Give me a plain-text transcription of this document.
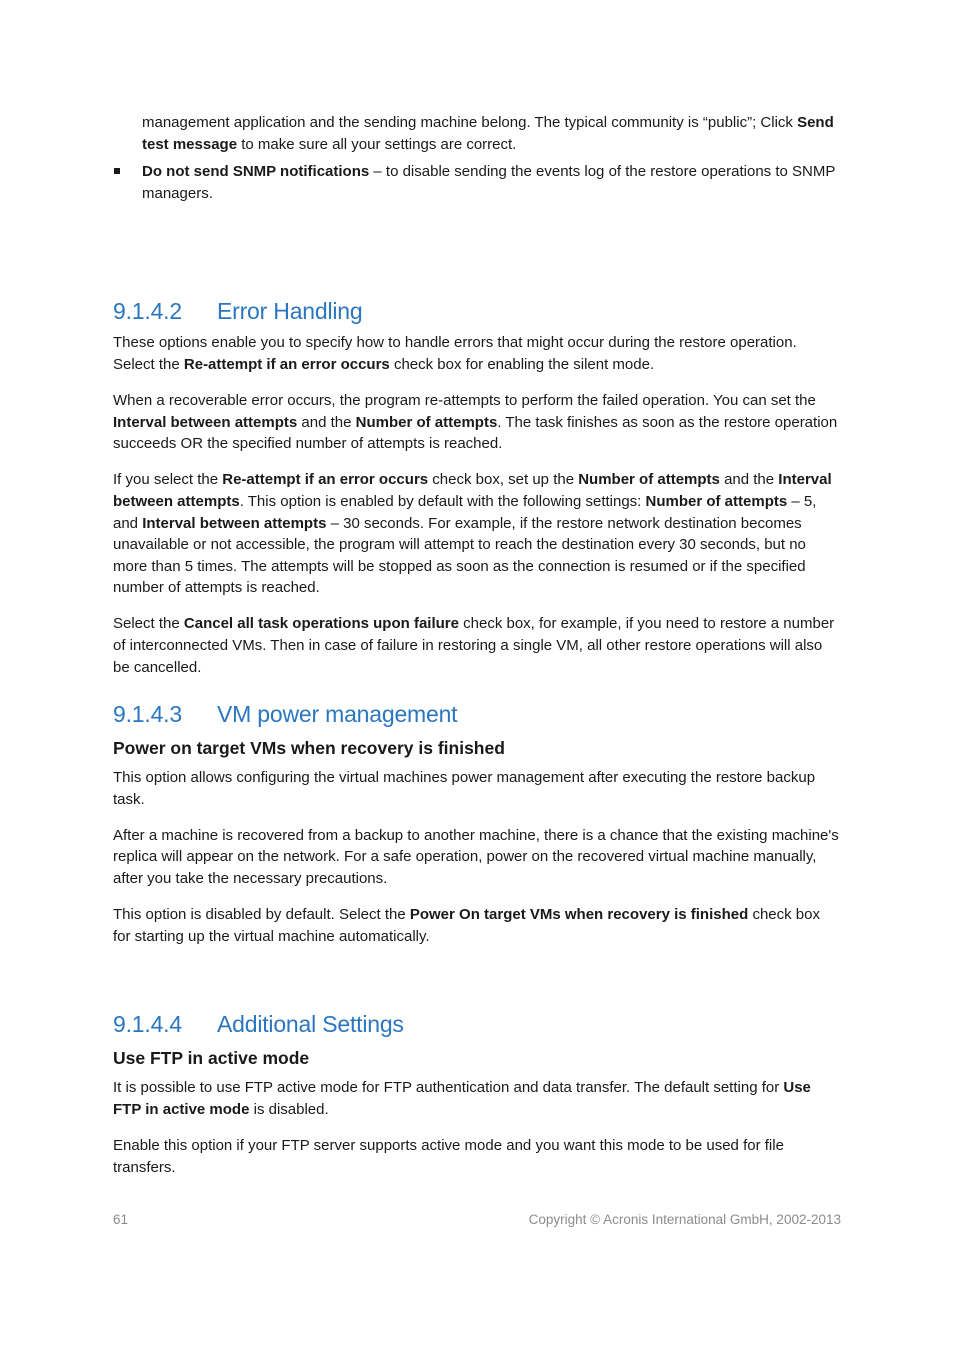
management application and the sending machine belong. The typical community is “public”; Click Send test message to make sure all your settings are correct.

Do not send SNMP notifications – to disable sending the events log of the restore operations to SNMP managers.

9.1.4.2 Error Handling

These options enable you to specify how to handle errors that might occur during the restore operation. Select the Re-attempt if an error occurs check box for enabling the silent mode.

When a recoverable error occurs, the program re-attempts to perform the failed operation. You can set the Interval between attempts and the Number of attempts. The task finishes as soon as the restore operation succeeds OR the specified number of attempts is reached.

If you select the Re-attempt if an error occurs check box, set up the Number of attempts and the Interval between attempts. This option is enabled by default with the following settings: Number of attempts – 5, and Interval between attempts – 30 seconds. For example, if the restore network destination becomes unavailable or not accessible, the program will attempt to reach the destination every 30 seconds, but no more than 5 times. The attempts will be stopped as soon as the connection is resumed or if the specified number of attempts is reached.

Select the Cancel all task operations upon failure check box, for example, if you need to restore a number of interconnected VMs. Then in case of failure in restoring a single VM, all other restore operations will also be cancelled.

9.1.4.3 VM power management
Power on target VMs when recovery is finished

This option allows configuring the virtual machines power management after executing the restore backup task.

After a machine is recovered from a backup to another machine, there is a chance that the existing machine's replica will appear on the network. For a safe operation, power on the recovered virtual machine manually, after you take the necessary precautions.

This option is disabled by default. Select the Power On target VMs when recovery is finished check box for starting up the virtual machine automatically.

9.1.4.4 Additional Settings
Use FTP in active mode

It is possible to use FTP active mode for FTP authentication and data transfer. The default setting for Use FTP in active mode is disabled.

Enable this option if your FTP server supports active mode and you want this mode to be used for file transfers.

61	Copyright © Acronis International GmbH, 2002-2013
